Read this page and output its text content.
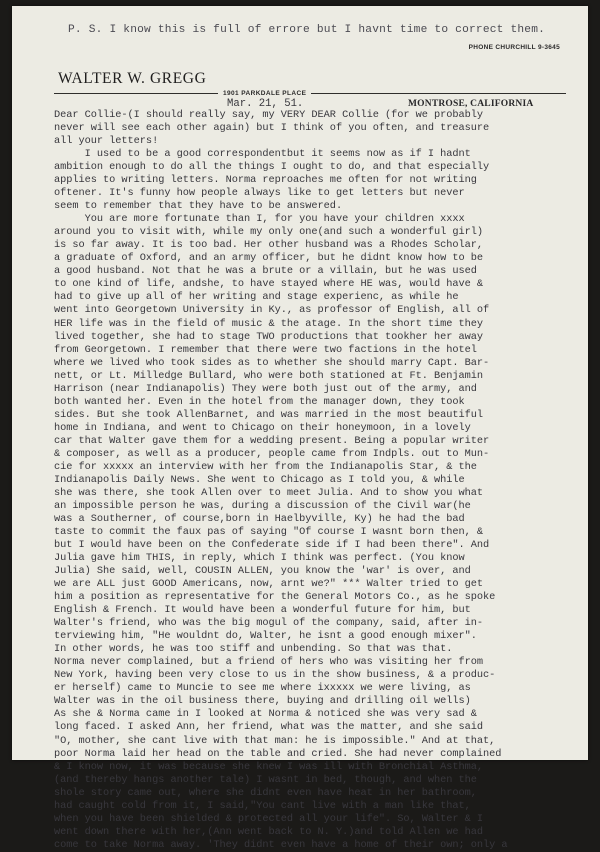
P. S. I know this is full of errore but I havnt time to correct them.
PHONE CHURCHILL 9-3645
WALTER W. GREGG
1901 PARKDALE PLACE
Mar. 21, 51.	MONTROSE, CALIFORNIA
Dear Collie-(I should really say, my VERY DEAR Collie (for we probably
never will see each other again) but I think of you often, and treasure
all your letters!
I used to be a good correspondentbut it seems now as if I hadnt
ambition enough to do all the things I ought to do, and that especially
applies to writing letters. Norma reproaches me often for not writing
oftener. It's funny how people always like to get letters but never
seem to remember that they have to be answered.
You are more fortunate than I, for you have your children xxxx
around you to visit with, while my only one(and such a wonderful girl)
is so far away. It is too bad. Her other husband was a Rhodes Scholar,
a graduate of Oxford, and an army officer, but he didnt know how to be
a good husband. Not that he was a brute or a villain, but he was used
to one kind of life, andshe, to have stayed where HE was, would have &
had to give up all of her writing and stage experienc, as while he
went into Georgetown University in Ky., as professor of English, all of
HER life was in the field of music & the atage. In the short time they
lived together, she had to stage TWO productions that tookher her away
from Georgetown. I remember that there were two factions in the hotel
where we lived who took sides as to whether she should marry Capt. Bar-
nett, or Lt. Milledge Bullard, who were both stationed at Ft. Benjamin
Harrison (near Indianapolis) They were both just out of the army, and
both wanted her. Even in the hotel from the manager down, they took
sides. But she took AllenBarnet, and was married in the most beautiful
home in Indiana, and went to Chicago on their honeymoon, in a lovely
car that Walter gave them for a wedding present. Being a popular writer
& composer, as well as a producer, people came from Indpls. out to Mun-
cie for xxxxx an interview with her from the Indianapolis Star, & the
Indianapolis Daily News. She went to Chicago as I told you, & while
she was there, she took Allen over to meet Julia. And to show you what
an impossible person he was, during a discussion of the Civil war(he
was a Southerner, of course,born in Haelbyville, Ky) he had the bad
taste to commit the faux pas of saying "Of course I wasnt born then, &
but I would have been on the Confederate side if I had been there". And
Julia gave him THIS, in reply, which I think was perfect. (You know
Julia) She said, well, COUSIN ALLEN, you know the 'war' is over, and
we are ALL just GOOD Americans, now, arnt we?" *** Walter tried to get
him a position as representative for the General Motors Co., as he spoke
English & French. It would have been a wonderful future for him, but
Walter's friend, who was the big mogul of the company, said, after in-
terviewing him, "He wouldnt do, Walter, he isnt a good enough mixer".
In other words, he was too stiff and unbending. So that was that.
Norma never complained, but a friend of hers who was visiting her from
New York, having been very close to us in the show business, & a produc-
er herself) came to Muncie to see me where ixxxxx we were living, as
Walter was in the oil business there, buying and drilling oil wells)
As she & Norma came in I looked at Norma & noticed she was very sad &
long faced. I asked Ann, her friend, what was the matter, and she said
"O, mother, she cant live with that man: he is impossible." And at that,
poor Norma laid her head on the table and cried. She had never complained
& I know now, it was because she knew I was ill with Bronchial Asthma,
(and thereby hangs another tale) I wasnt in bed, though, and when the
shole story came out, where she didnt even have heat in her bathroom,
had caught cold from it, I said,"You cant live with a man like that,
when you have been shielded & protected all your life". So, Walter & I
went down there with her,(Ann went back to N. Y.)and told Allen we had
come to take Norma away. 'They didnt even have a home of their own; only a
